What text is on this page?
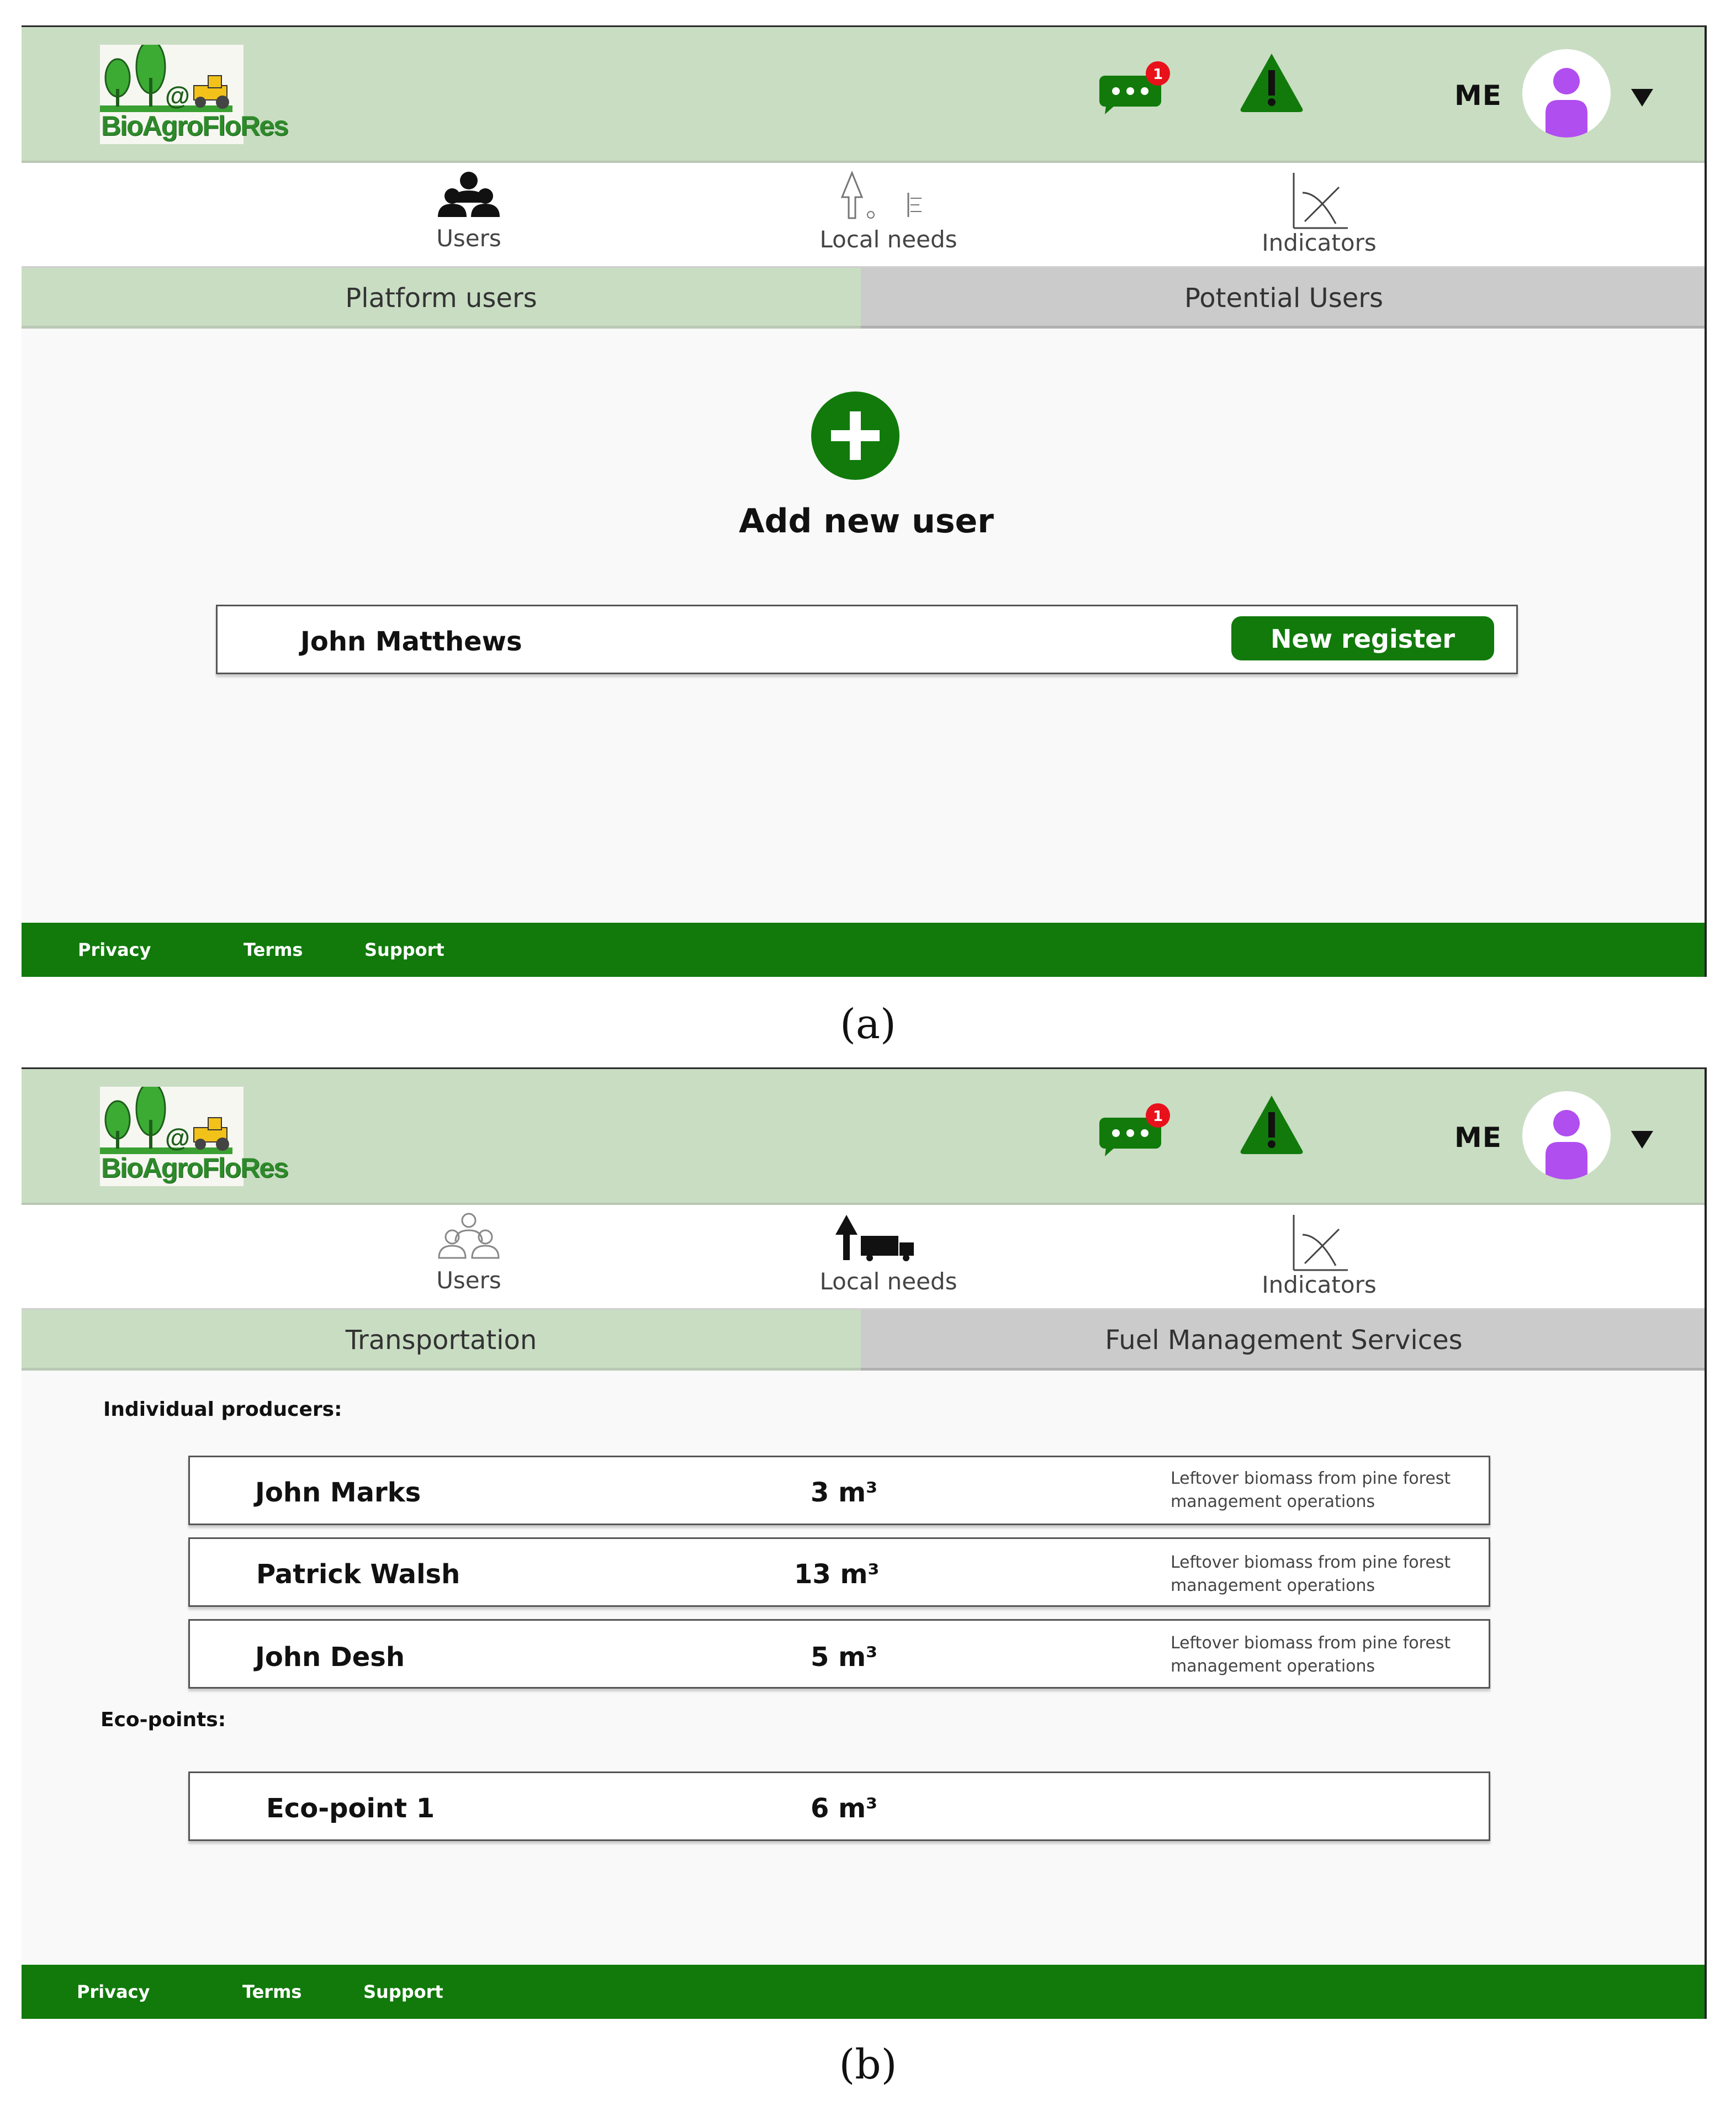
@
BioAgroFloRes
1
ME
Users	Local needs	Indicators
Platform users	Potential Users
Add new user
John Matthews	New register
Privacy	Terms	Support
(a)
@
BioAgroFloRes
1
ME
Users	Local needs	Indicators
Transportation	Fuel Management Services
Individual producers:
John Marks	3 m³	Leftover biomass from pine forest management operations
Patrick Walsh	13 m³	Leftover biomass from pine forest management operations
John Desh	5 m³	Leftover biomass from pine forest management operations
Eco-points:
Eco-point 1	6 m³
Privacy	Terms	Support
(b)
